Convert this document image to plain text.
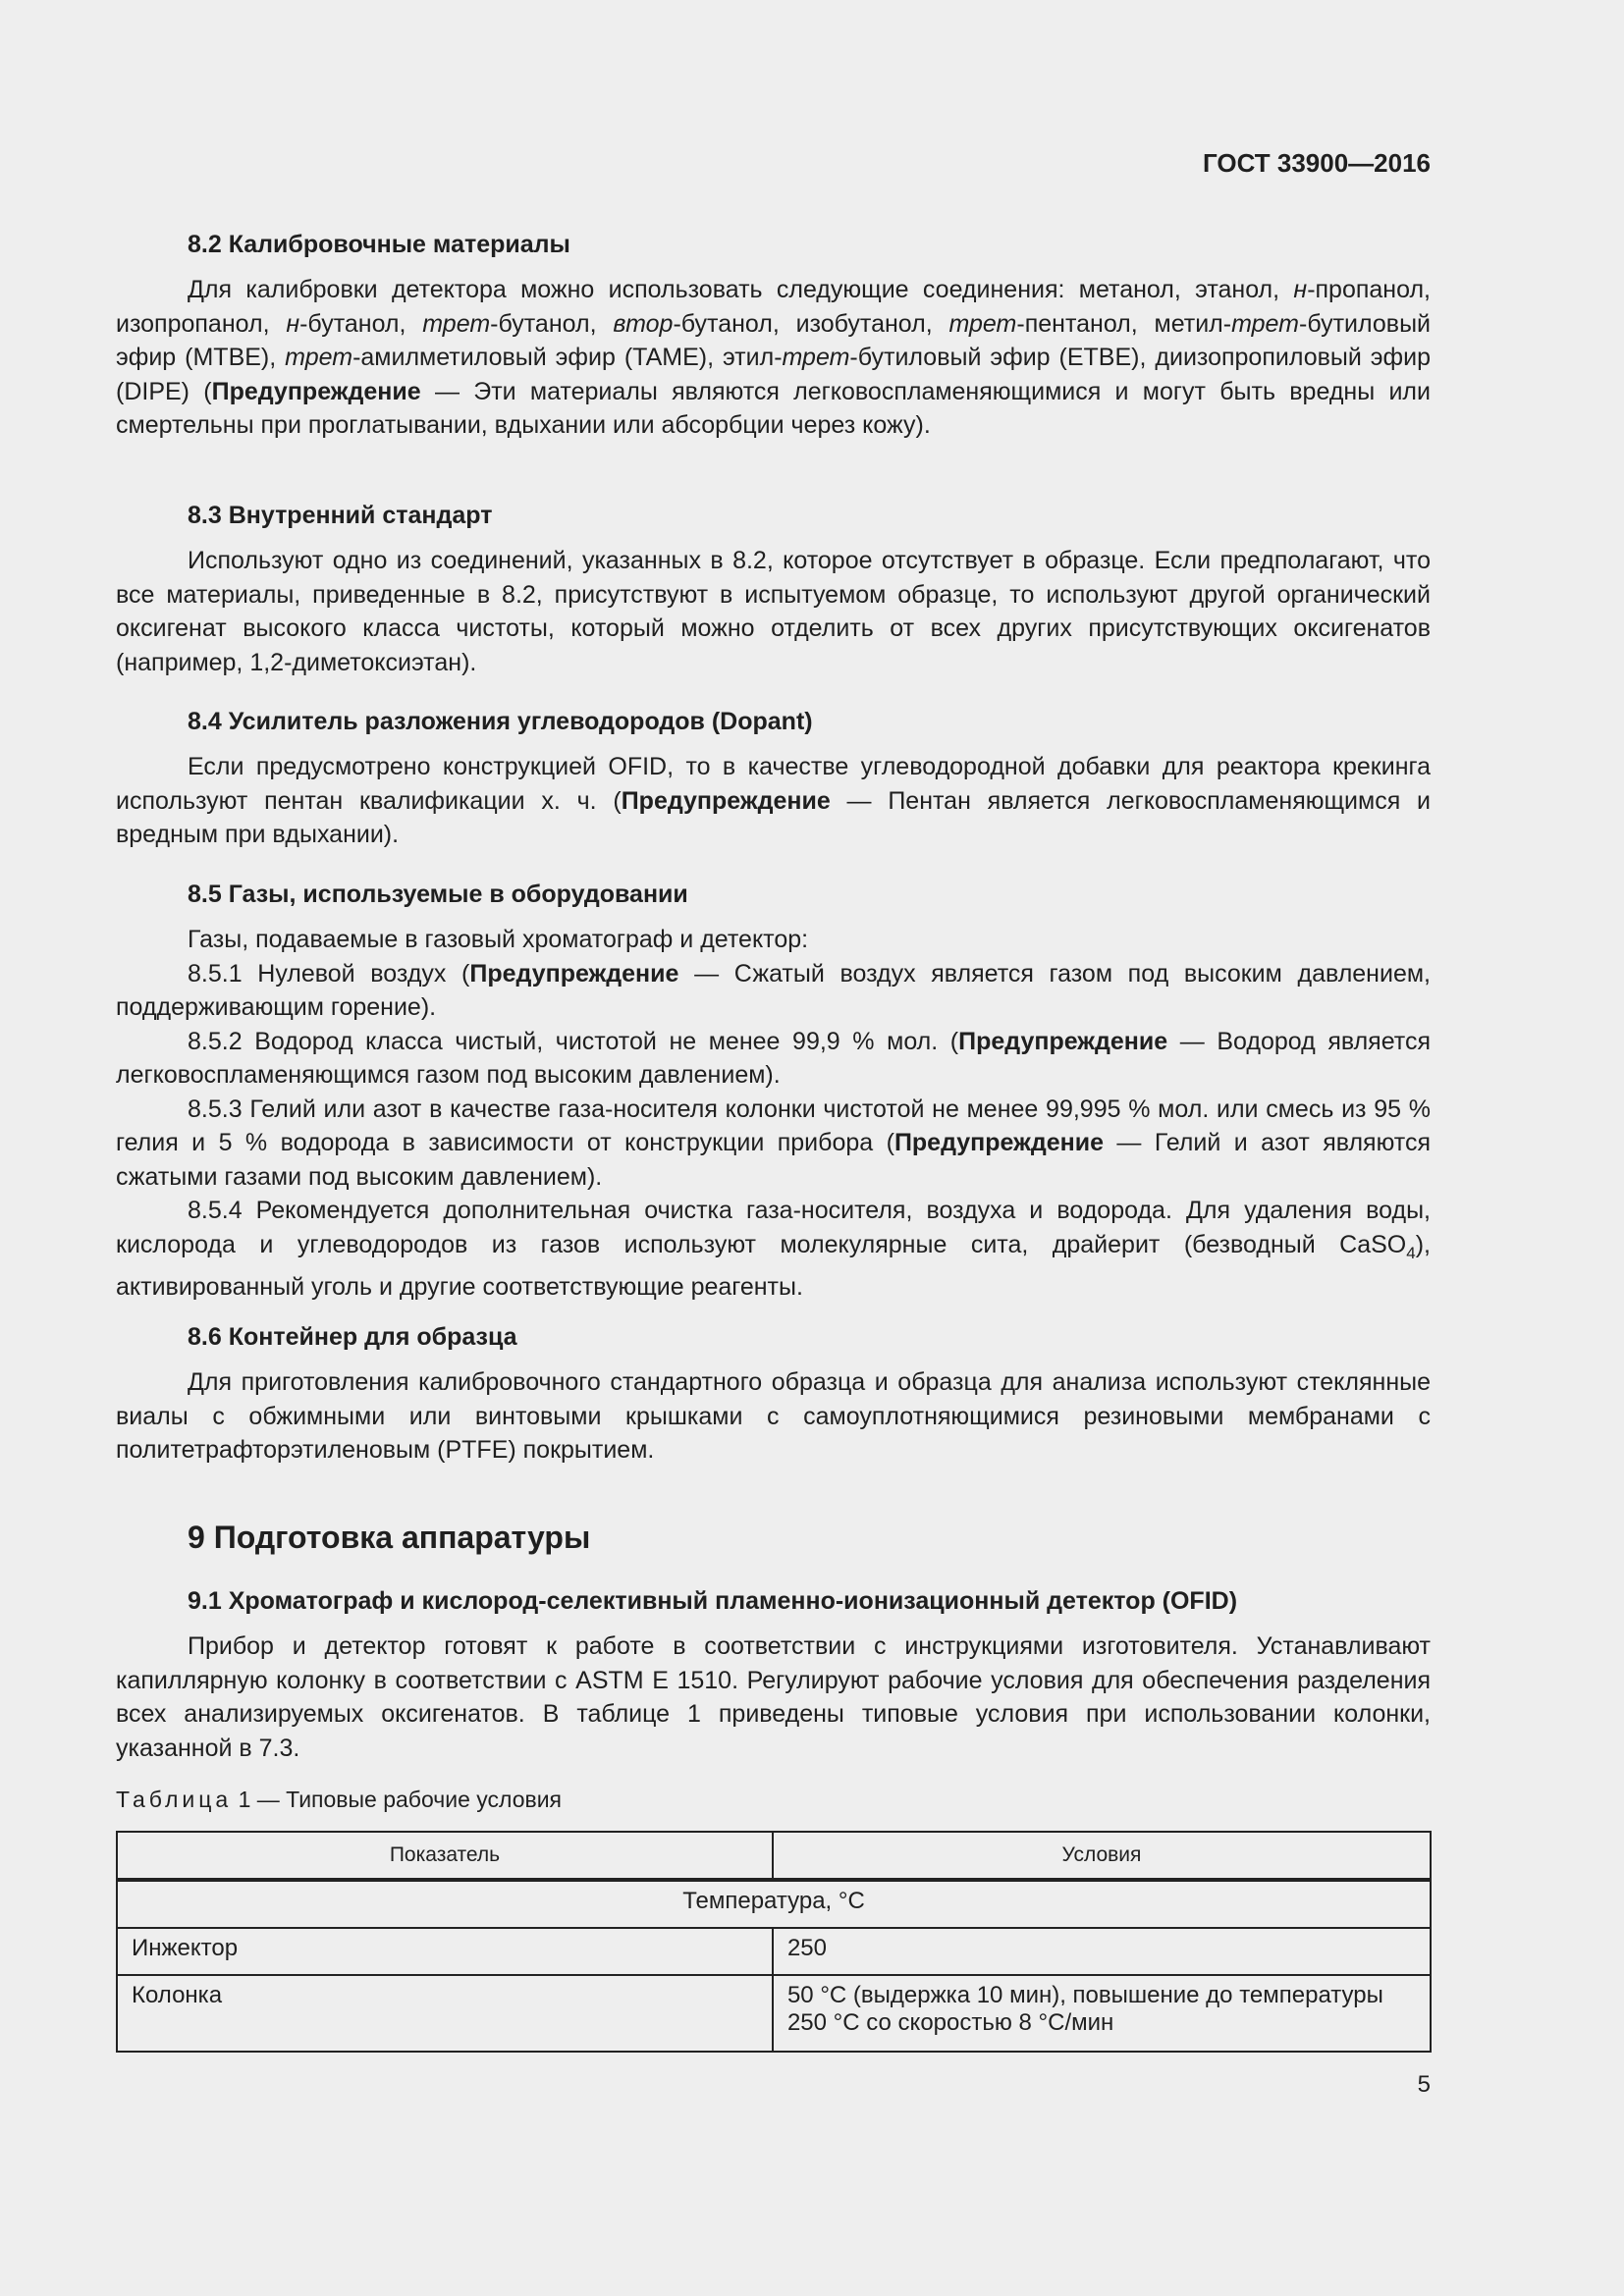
ГОСТ 33900—2016
8.2 Калибровочные материалы

Для калибровки детектора можно использовать следующие соединения: метанол, этанол, н-пропанол, изопропанол, н-бутанол, трет-бутанол, втор-бутанол, изобутанол, трет-пентанол, метил-трет-бутиловый эфир (MTBE), трет-амилметиловый эфир (TAME), этил-трет-бутиловый эфир (ETBE), диизопропиловый эфир (DIPE) (Предупреждение — Эти материалы являются легковоспламеняющимися и могут быть вредны или смертельны при проглатывании, вдыхании или абсорбции через кожу).

8.3 Внутренний стандарт

Используют одно из соединений, указанных в 8.2, которое отсутствует в образце. Если предполагают, что все материалы, приведенные в 8.2, присутствуют в испытуемом образце, то используют другой органический оксигенат высокого класса чистоты, который можно отделить от всех других присутствующих оксигенатов (например, 1,2-диметоксиэтан).

8.4 Усилитель разложения углеводородов (Dopant)

Если предусмотрено конструкцией OFID, то в качестве углеводородной добавки для реактора крекинга используют пентан квалификации х. ч. (Предупреждение — Пентан является легковоспламеняющимся и вредным при вдыхании).

8.5 Газы, используемые в оборудовании

Газы, подаваемые в газовый хроматограф и детектор:

8.5.1 Нулевой воздух (Предупреждение — Сжатый воздух является газом под высоким давлением, поддерживающим горение).

8.5.2 Водород класса чистый, чистотой не менее 99,9 % мол. (Предупреждение — Водород является легковоспламеняющимся газом под высоким давлением).

8.5.3 Гелий или азот в качестве газа-носителя колонки чистотой не менее 99,995 % мол. или смесь из 95 % гелия и 5 % водорода в зависимости от конструкции прибора (Предупреждение — Гелий и азот являются сжатыми газами под высоким давлением).

8.5.4 Рекомендуется дополнительная очистка газа-носителя, воздуха и водорода. Для удаления воды, кислорода и углеводородов из газов используют молекулярные сита, драйерит (безводный CaSO$_4$), активированный уголь и другие соответствующие реагенты.

8.6 Контейнер для образца

Для приготовления калибровочного стандартного образца и образца для анализа используют стеклянные виалы с обжимными или винтовыми крышками с самоуплотняющимися резиновыми мембранами с политетрафторэтиленовым (PTFE) покрытием.

9 Подготовка аппаратуры
9.1 Хроматограф и кислород-селективный пламенно-ионизационный детектор (OFID)

Прибор и детектор готовят к работе в соответствии с инструкциями изготовителя. Устанавливают капиллярную колонку в соответствии с ASTM E 1510. Регулируют рабочие условия для обеспечения разделения всех анализируемых оксигенатов. В таблице 1 приведены типовые условия при использовании колонки, указанной в 7.3.

Таблица 1 — Типовые рабочие условия
Показатель	Условия
Температура, °С	
Инжектор	250
Колонка	50 °С (выдержка 10 мин), повышение до температуры
250 °С со скоростью 8 °С/мин
5
